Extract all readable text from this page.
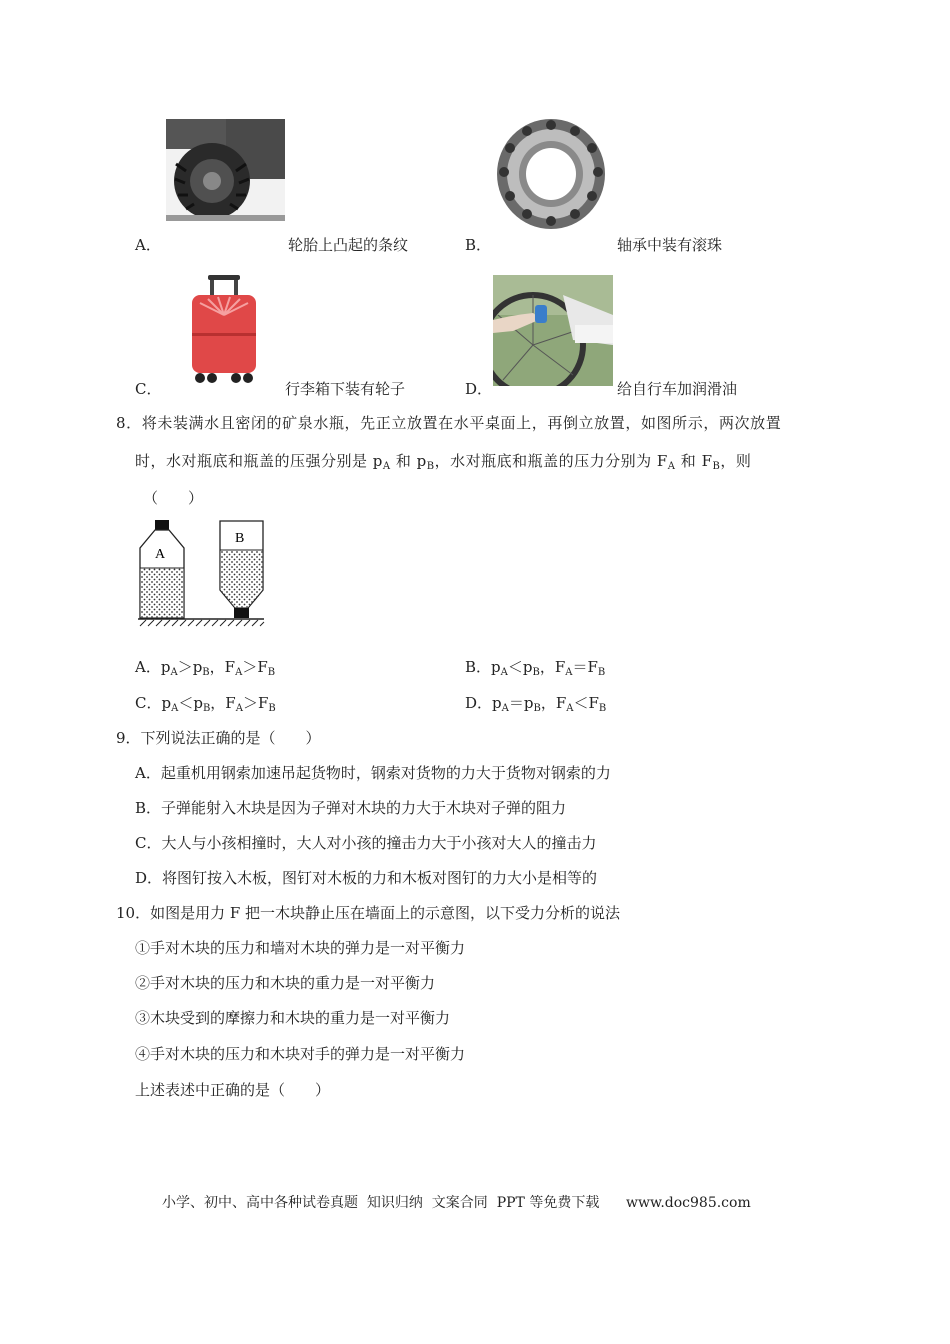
A．	轮胎上凸起的条纹	B．	轴承中装有滚珠
C．	行李箱下装有轮子	D．	给自行车加润滑油
8．将未装满水且密闭的矿泉水瓶，先正立放置在水平桌面上，再倒立放置，如图所示，两次放置
时，水对瓶底和瓶盖的压强分别是 $p_A$ 和 $p_B$，水对瓶底和瓶盖的压力分别为 $F_A$ 和 $F_B$，则
（　　）
A
B
A．$p_A>p_B$，$F_A>F_B$	B．$p_A<p_B$，$F_A=F_B$
C．$p_A<p_B$，$F_A>F_B$	D．$p_A=p_B$，$F_A<F_B$
9．下列说法正确的是（　　）
A．起重机用钢索加速吊起货物时，钢索对货物的力大于货物对钢索的力
B．子弹能射入木块是因为子弹对木块的力大于木块对子弹的阻力
C．大人与小孩相撞时，大人对小孩的撞击力大于小孩对大人的撞击力
D．将图钉按入木板，图钉对木板的力和木板对图钉的力大小是相等的
10．如图是用力 F 把一木块静止压在墙面上的示意图，以下受力分析的说法
①手对木块的压力和墙对木块的弹力是一对平衡力
②手对木块的压力和木块的重力是一对平衡力
③木块受到的摩擦力和木块的重力是一对平衡力
④手对木块的压力和木块对手的弹力是一对平衡力
上述表述中正确的是（　　）
小学、初中、高中各种试卷真题  知识归纳  文案合同  PPT 等免费下载      www.doc985.com
